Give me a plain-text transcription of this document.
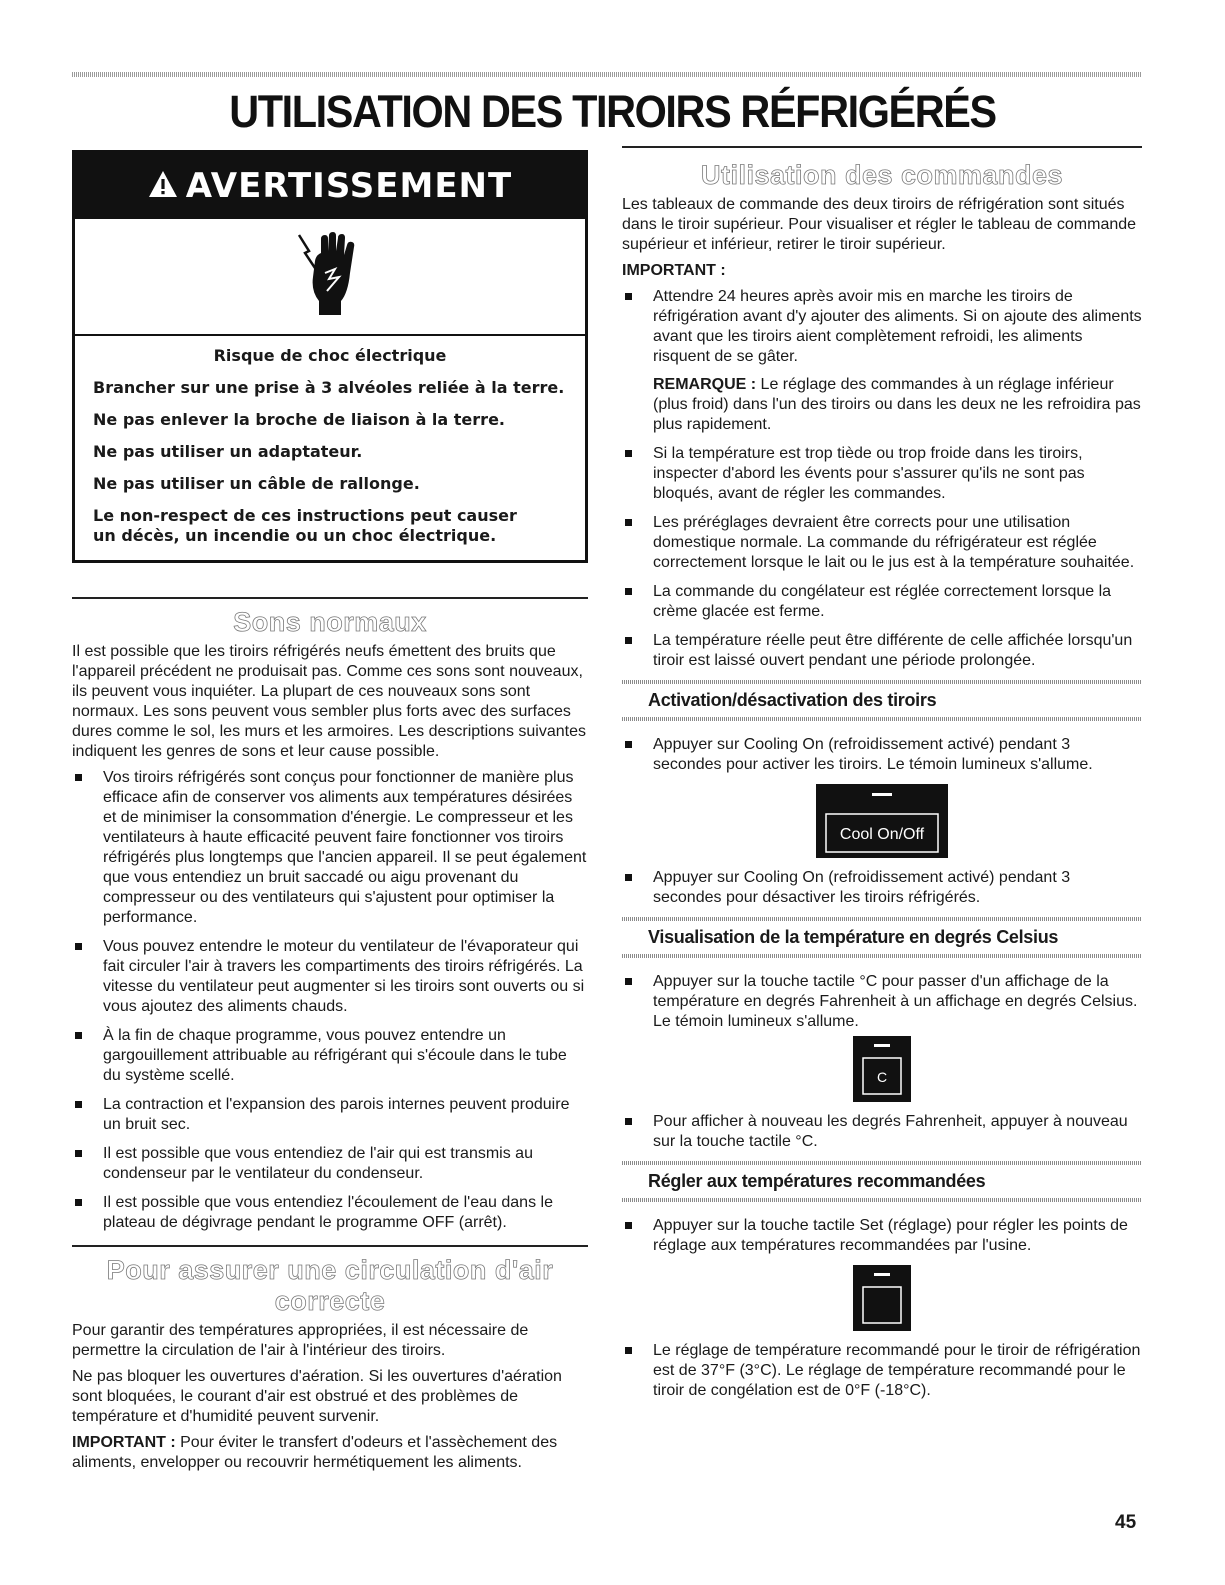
UTILISATION DES TIROIRS RÉFRIGÉRÉS
AVERTISSEMENT

Risque de choc électrique

Brancher sur une prise à 3 alvéoles reliée à la terre.

Ne pas enlever la broche de liaison à la terre.

Ne pas utiliser un adaptateur.

Ne pas utiliser un câble de rallonge.

Le non-respect de ces instructions peut causer
un décès, un incendie ou un choc électrique.

Sons normaux

Il est possible que les tiroirs réfrigérés neufs émettent des bruits que l'appareil précédent ne produisait pas. Comme ces sons sont nouveaux, ils peuvent vous inquiéter. La plupart de ces nouveaux sons sont normaux. Les sons peuvent vous sembler plus forts avec des surfaces dures comme le sol, les murs et les armoires. Les descriptions suivantes indiquent les genres de sons et leur cause possible.

Vos tiroirs réfrigérés sont conçus pour fonctionner de manière plus efficace afin de conserver vos aliments aux températures désirées et de minimiser la consommation d'énergie. Le compresseur et les ventilateurs à haute efficacité peuvent faire fonctionner vos tiroirs réfrigérés plus longtemps que l'ancien appareil. Il se peut également que vous entendiez un bruit saccadé ou aigu provenant du compresseur ou des ventilateurs qui s'ajustent pour optimiser la performance.
Vous pouvez entendre le moteur du ventilateur de l'évaporateur qui fait circuler l'air à travers les compartiments des tiroirs réfrigérés. La vitesse du ventilateur peut augmenter si les tiroirs sont ouverts ou si vous ajoutez des aliments chauds.
À la fin de chaque programme, vous pouvez entendre un gargouillement attribuable au réfrigérant qui s'écoule dans le tube du système scellé.
La contraction et l'expansion des parois internes peuvent produire un bruit sec.
Il est possible que vous entendiez de l'air qui est transmis au condenseur par le ventilateur du condenseur.
Il est possible que vous entendiez l'écoulement de l'eau dans le plateau de dégivrage pendant le programme OFF (arrêt).
Pour assurer une circulation d'air correcte

Pour garantir des températures appropriées, il est nécessaire de permettre la circulation de l'air à l'intérieur des tiroirs.

Ne pas bloquer les ouvertures d'aération. Si les ouvertures d'aération sont bloquées, le courant d'air est obstrué et des problèmes de température et d'humidité peuvent survenir.

IMPORTANT : Pour éviter le transfert d'odeurs et l'assèchement des aliments, envelopper ou recouvrir hermétiquement les aliments.

Utilisation des commandes

Les tableaux de commande des deux tiroirs de réfrigération sont situés dans le tiroir supérieur. Pour visualiser et régler le tableau de commande supérieur et inférieur, retirer le tiroir supérieur.

IMPORTANT :

Attendre 24 heures après avoir mis en marche les tiroirs de réfrigération avant d'y ajouter des aliments. Si on ajoute des aliments avant que les tiroirs aient complètement refroidi, les aliments risquent de se gâter.

REMARQUE : Le réglage des commandes à un réglage inférieur (plus froid) dans l'un des tiroirs ou dans les deux ne les refroidira pas plus rapidement.

Si la température est trop tiède ou trop froide dans les tiroirs, inspecter d'abord les évents pour s'assurer qu'ils ne sont pas bloqués, avant de régler les commandes.
Les préréglages devraient être corrects pour une utilisation domestique normale. La commande du réfrigérateur est réglée correctement lorsque le lait ou le jus est à la température souhaitée.
La commande du congélateur est réglée correctement lorsque la crème glacée est ferme.
La température réelle peut être différente de celle affichée lorsqu'un tiroir est laissé ouvert pendant une période prolongée.
Activation/désactivation des tiroirs
Appuyer sur Cooling On (refroidissement activé) pendant 3 secondes pour activer les tiroirs. Le témoin lumineux s'allume.
Cool On/Off
Appuyer sur Cooling On (refroidissement activé) pendant 3 secondes pour désactiver les tiroirs réfrigérés.
Visualisation de la température en degrés Celsius
Appuyer sur la touche tactile °C pour passer d'un affichage de la température en degrés Fahrenheit à un affichage en degrés Celsius. Le témoin lumineux s'allume.
C
Pour afficher à nouveau les degrés Fahrenheit, appuyer à nouveau sur la touche tactile °C.
Régler aux températures recommandées
Appuyer sur la touche tactile Set (réglage) pour régler les points de réglage aux températures recommandées par l'usine.
Le réglage de température recommandé pour le tiroir de réfrigération est de 37°F (3°C). Le réglage de température recommandé pour le tiroir de congélation est de 0°F (-18°C).
45
